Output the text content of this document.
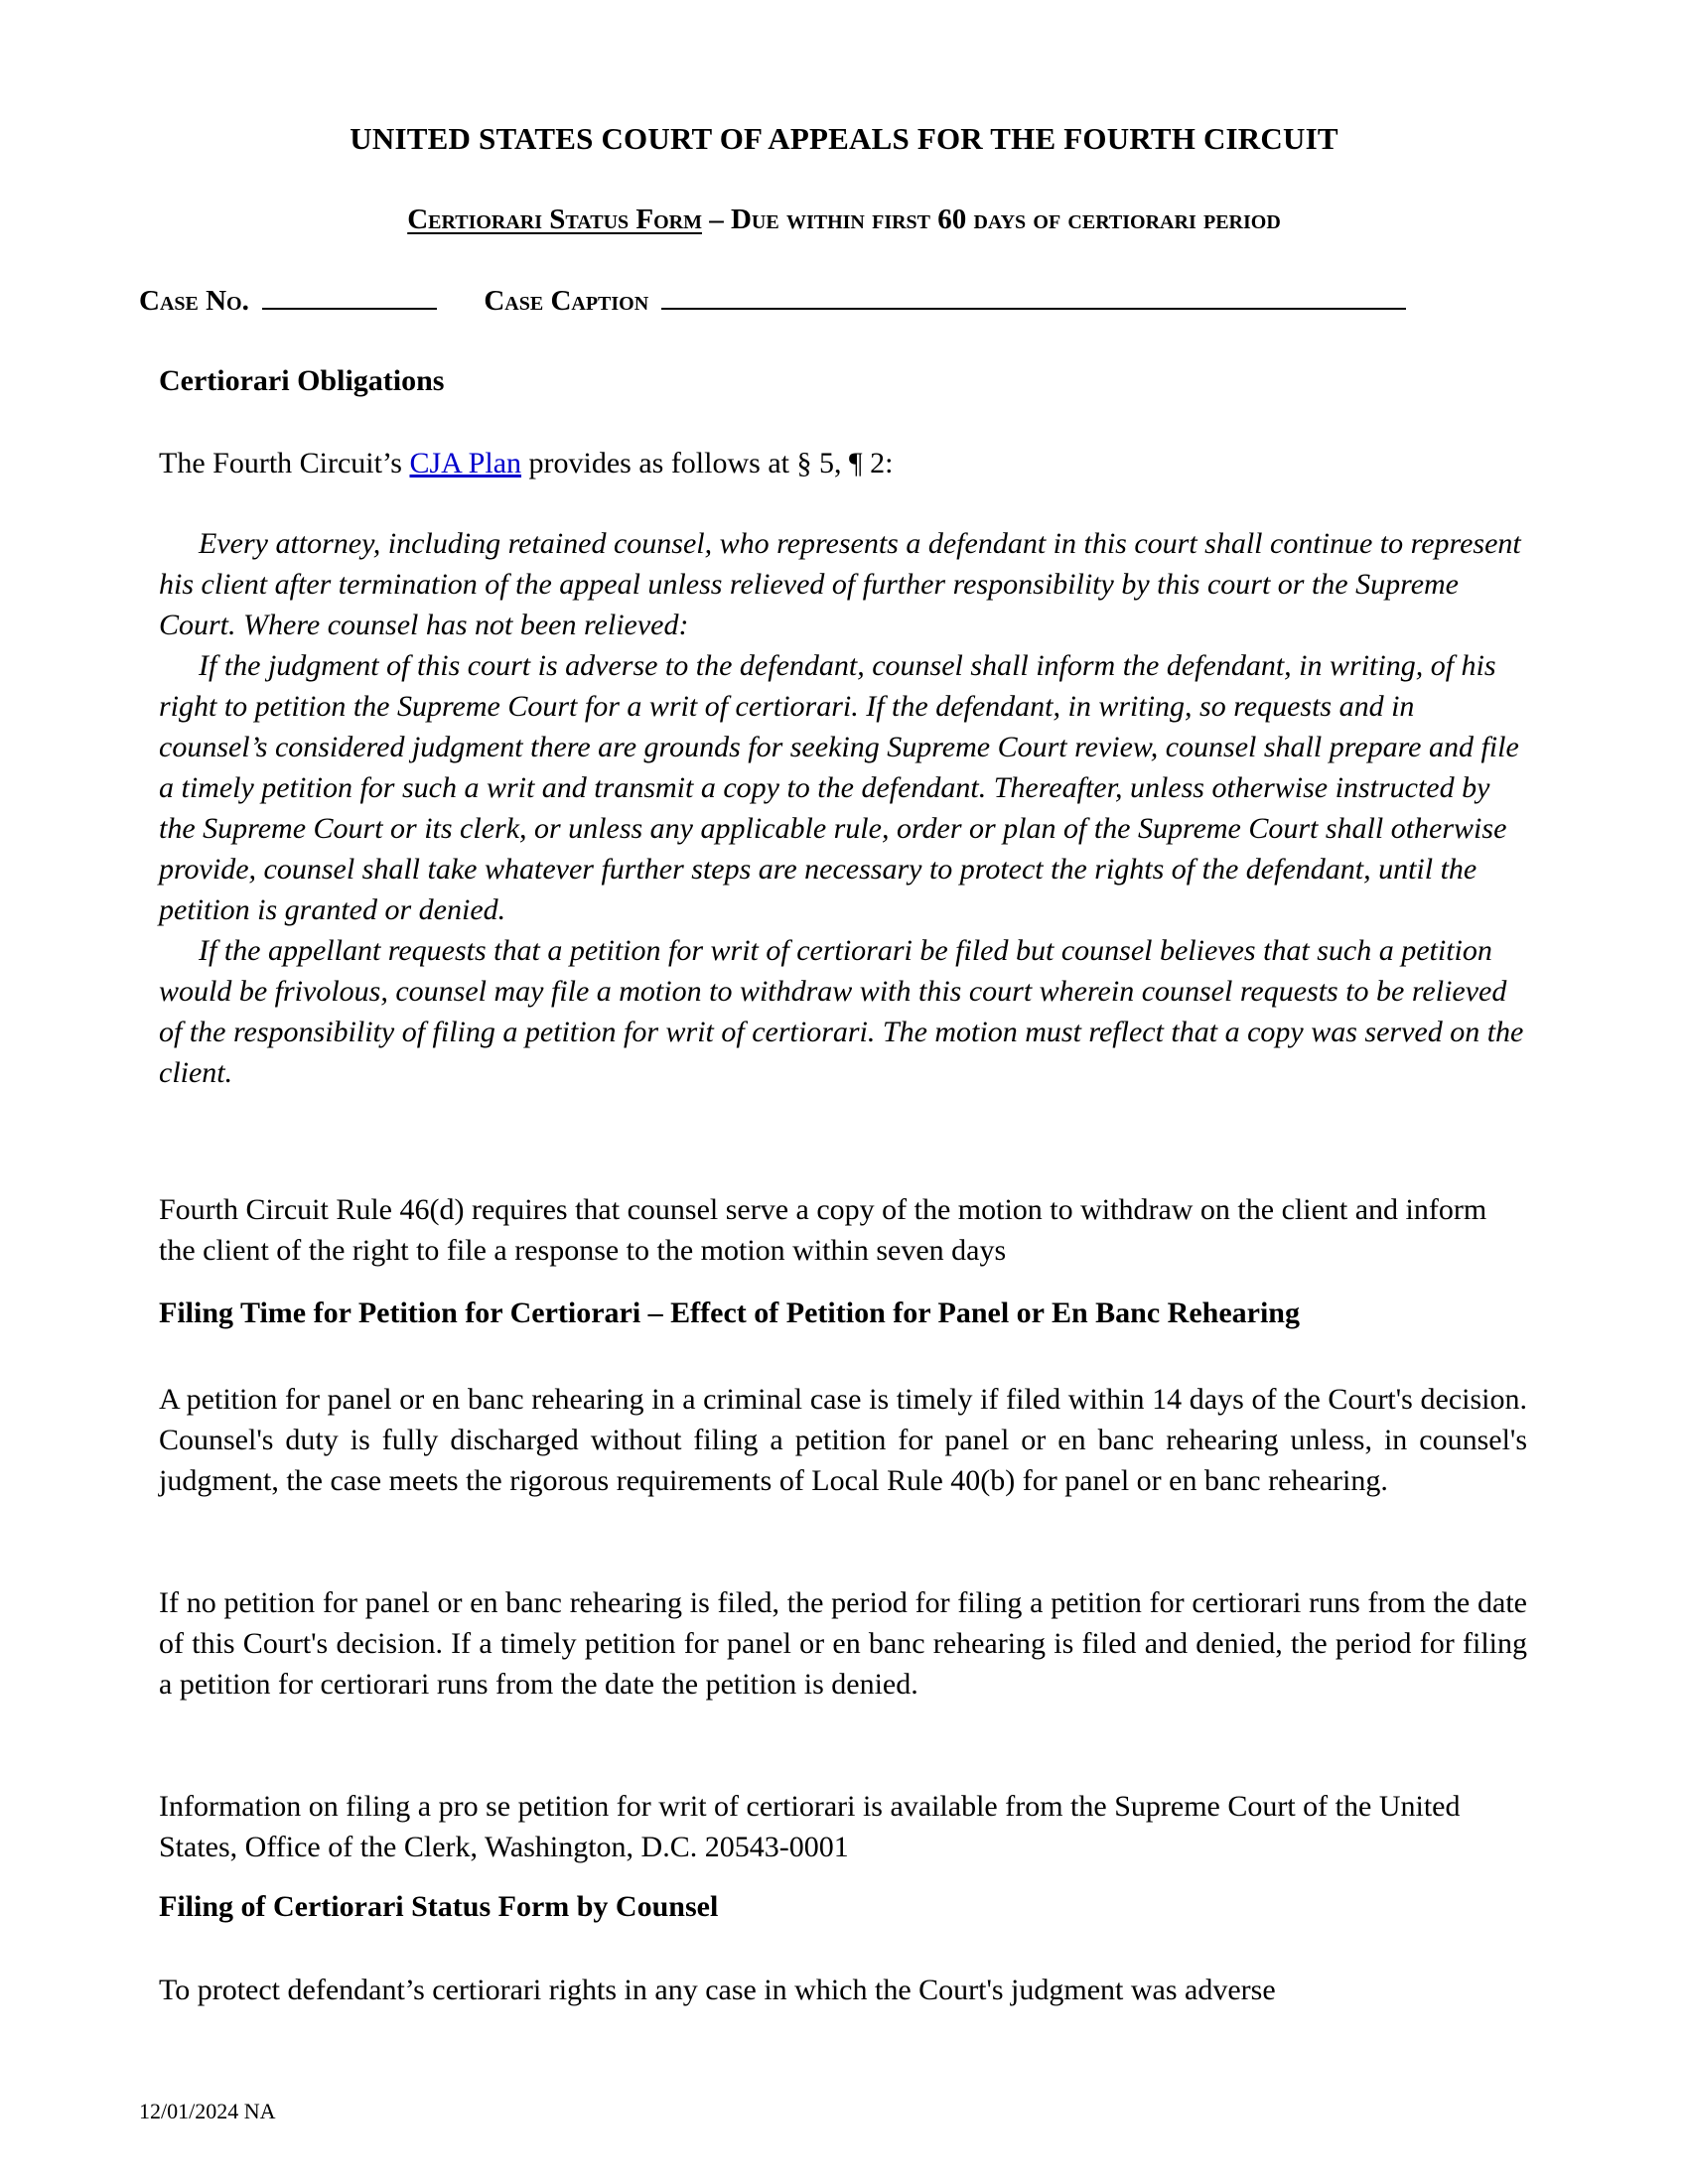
UNITED STATES COURT OF APPEALS FOR THE FOURTH CIRCUIT
Certiorari Status Form – Due within first 60 days of certiorari period
Case No.	Case Caption
Certiorari Obligations
The Fourth Circuit’s CJA Plan provides as follows at § 5, ¶ 2:

Every attorney, including retained counsel, who represents a defendant in this court shall continue to represent his client after termination of the appeal unless relieved of further responsibility by this court or the Supreme Court. Where counsel has not been relieved:

If the judgment of this court is adverse to the defendant, counsel shall inform the defendant, in writing, of his right to petition the Supreme Court for a writ of certiorari. If the defendant, in writing, so requests and in counsel’s considered judgment there are grounds for seeking Supreme Court review, counsel shall prepare and file a timely petition for such a writ and transmit a copy to the defendant. Thereafter, unless otherwise instructed by the Supreme Court or its clerk, or unless any applicable rule, order or plan of the Supreme Court shall otherwise provide, counsel shall take whatever further steps are necessary to protect the rights of the defendant, until the petition is granted or denied.

If the appellant requests that a petition for writ of certiorari be filed but counsel believes that such a petition would be frivolous, counsel may file a motion to withdraw with this court wherein counsel requests to be relieved of the responsibility of filing a petition for writ of certiorari. The motion must reflect that a copy was served on the client.

Fourth Circuit Rule 46(d) requires that counsel serve a copy of the motion to withdraw on the client and inform the client of the right to file a response to the motion within seven days
Filing Time for Petition for Certiorari – Effect of Petition for Panel or En Banc Rehearing
A petition for panel or en banc rehearing in a criminal case is timely if filed within 14 days of the Court's decision. Counsel's duty is fully discharged without filing a petition for panel or en banc rehearing unless, in counsel's judgment, the case meets the rigorous requirements of Local Rule 40(b) for panel or en banc rehearing.
If no petition for panel or en banc rehearing is filed, the period for filing a petition for certiorari runs from the date of this Court's decision. If a timely petition for panel or en banc rehearing is filed and denied, the period for filing a petition for certiorari runs from the date the petition is denied.
Information on filing a pro se petition for writ of certiorari is available from the Supreme Court of the United States, Office of the Clerk, Washington, D.C. 20543-0001
Filing of Certiorari Status Form by Counsel
To protect defendant’s certiorari rights in any case in which the Court's judgment was adverse
12/01/2024 NA
